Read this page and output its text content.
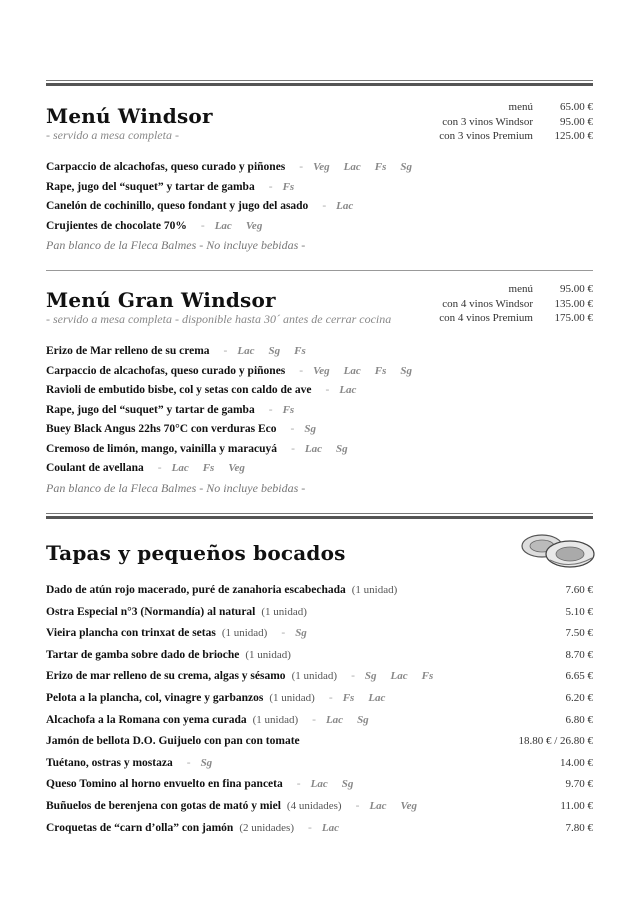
Menú Windsor
- servido a mesa completa -
menú	65.00 €
con 3 vinos Windsor	95.00 €
con 3 vinos Premium	125.00 €
Carpaccio de alcachofas, queso curado y piñones - Veg Lac Fs Sg
Rape, jugo del “suquet” y tartar de gamba - Fs
Canelón de cochinillo, queso fondant y jugo del asado - Lac
Crujientes de chocolate 70% - Lac Veg
Pan blanco de la Fleca Balmes - No incluye bebidas -
Menú Gran Windsor
- servido a mesa completa - disponible hasta 30´ antes de cerrar cocina
menú	95.00 €
con 4 vinos Windsor	135.00 €
con 4 vinos Premium	175.00 €
Erizo de Mar relleno de su crema - Lac Sg Fs
Carpaccio de alcachofas, queso curado y piñones - Veg Lac Fs Sg
Ravioli de embutido bisbe, col y setas con caldo de ave - Lac
Rape, jugo del “suquet” y tartar de gamba - Fs
Buey Black Angus 22hs 70°C con verduras Eco - Sg
Cremoso de limón, mango, vainilla y maracuyá - Lac Sg
Coulant de avellana - Lac Fs Veg
Pan blanco de la Fleca Balmes - No incluye bebidas -
Tapas y pequeños bocados
Dado de atún rojo macerado, puré de zanahoria escabechada (1 unidad)	7.60 €
Ostra Especial n°3 (Normandía) al natural (1 unidad)	5.10 €
Vieira plancha con trinxat de setas (1 unidad) - Sg	7.50 €
Tartar de gamba sobre dado de brioche (1 unidad)	8.70 €
Erizo de mar relleno de su crema, algas y sésamo (1 unidad) - Sg Lac Fs	6.65 €
Pelota a la plancha, col, vinagre y garbanzos (1 unidad) - Fs Lac	6.20 €
Alcachofa a la Romana con yema curada (1 unidad) - Lac Sg	6.80 €
Jamón de bellota D.O. Guijuelo con pan con tomate	18.80 € / 26.80 €
Tuétano, ostras y mostaza - Sg	14.00 €
Queso Tomino al horno envuelto en fina panceta - Lac Sg	9.70 €
Buñuelos de berenjena con gotas de mató y miel (4 unidades) - Lac Veg	11.00 €
Croquetas de “carn d’olla” con jamón (2 unidades) - Lac	7.80 €
